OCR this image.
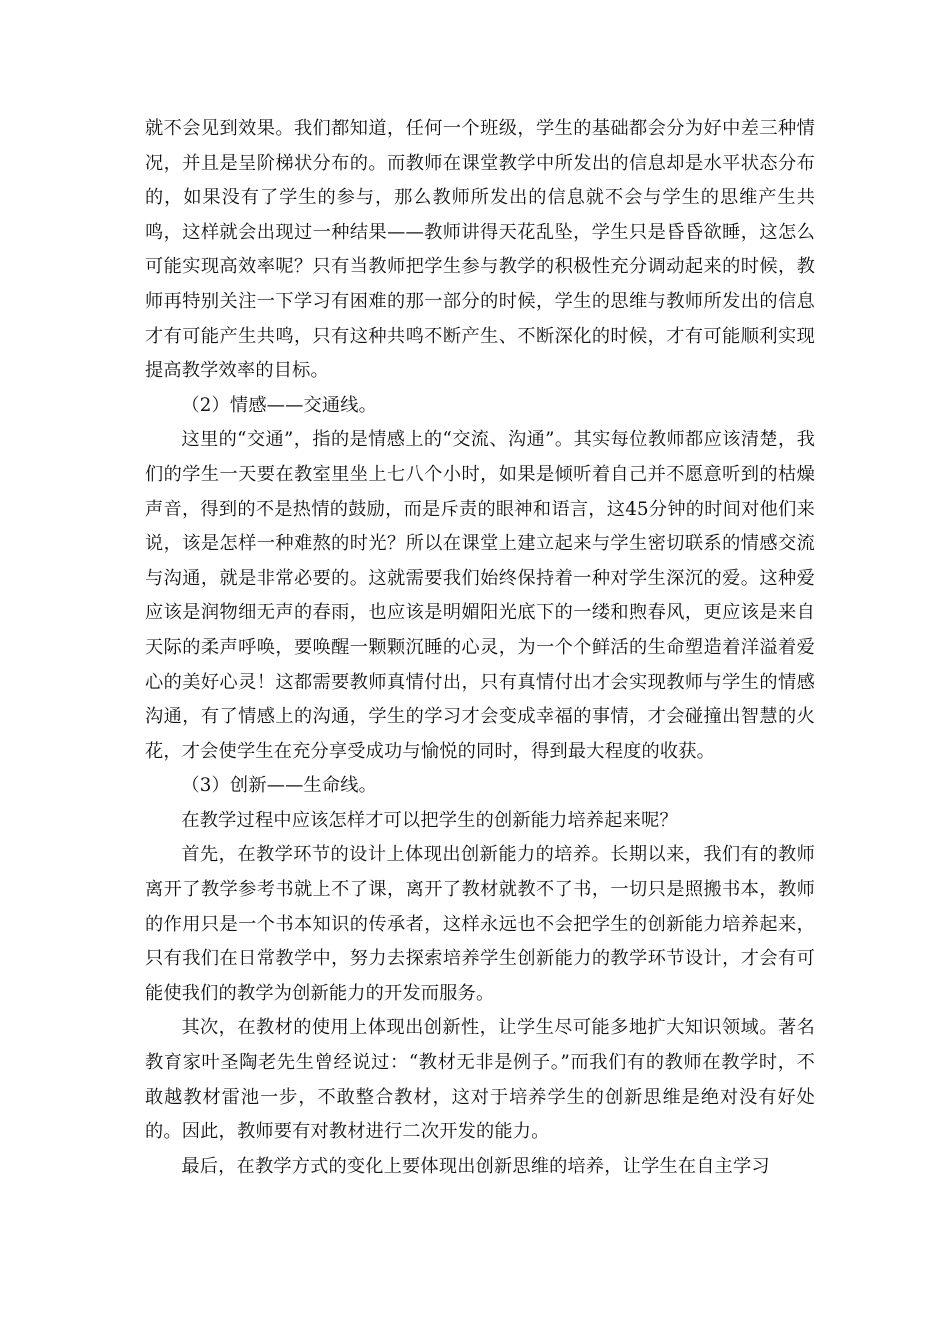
就不会见到效果。我们都知道，任何一个班级，学生的基础都会分为好中差三种情况，并且是呈阶梯状分布的。而教师在课堂教学中所发出的信息却是水平状态分布的，如果没有了学生的参与，那么教师所发出的信息就不会与学生的思维产生共鸣，这样就会出现过一种结果——教师讲得天花乱坠，学生只是昏昏欲睡，这怎么可能实现高效率呢？只有当教师把学生参与教学的积极性充分调动起来的时候，教师再特别关注一下学习有困难的那一部分的时候，学生的思维与教师所发出的信息才有可能产生共鸣，只有这种共鸣不断产生、不断深化的时候，才有可能顺利实现提高教学效率的目标。

（2）情感——交通线。

这里的“交通”，指的是情感上的“交流、沟通”。其实每位教师都应该清楚，我们的学生一天要在教室里坐上七八个小时，如果是倾听着自己并不愿意听到的枯燥声音，得到的不是热情的鼓励，而是斥责的眼神和语言，这45分钟的时间对他们来说，该是怎样一种难熬的时光？所以在课堂上建立起来与学生密切联系的情感交流与沟通，就是非常必要的。这就需要我们始终保持着一种对学生深沉的爱。这种爱应该是润物细无声的春雨，也应该是明媚阳光底下的一缕和煦春风，更应该是来自天际的柔声呼唤，要唤醒一颗颗沉睡的心灵，为一个个鲜活的生命塑造着洋溢着爱心的美好心灵！这都需要教师真情付出，只有真情付出才会实现教师与学生的情感沟通，有了情感上的沟通，学生的学习才会变成幸福的事情，才会碰撞出智慧的火花，才会使学生在充分享受成功与愉悦的同时，得到最大程度的收获。

（3）创新——生命线。

在教学过程中应该怎样才可以把学生的创新能力培养起来呢？

首先，在教学环节的设计上体现出创新能力的培养。长期以来，我们有的教师离开了教学参考书就上不了课，离开了教材就教不了书，一切只是照搬书本，教师的作用只是一个书本知识的传承者，这样永远也不会把学生的创新能力培养起来，只有我们在日常教学中，努力去探索培养学生创新能力的教学环节设计，才会有可能使我们的教学为创新能力的开发而服务。

其次，在教材的使用上体现出创新性，让学生尽可能多地扩大知识领域。著名教育家叶圣陶老先生曾经说过：“教材无非是例子。”而我们有的教师在教学时，不敢越教材雷池一步，不敢整合教材，这对于培养学生的创新思维是绝对没有好处的。因此，教师要有对教材进行二次开发的能力。

最后，在教学方式的变化上要体现出创新思维的培养，让学生在自主学习
